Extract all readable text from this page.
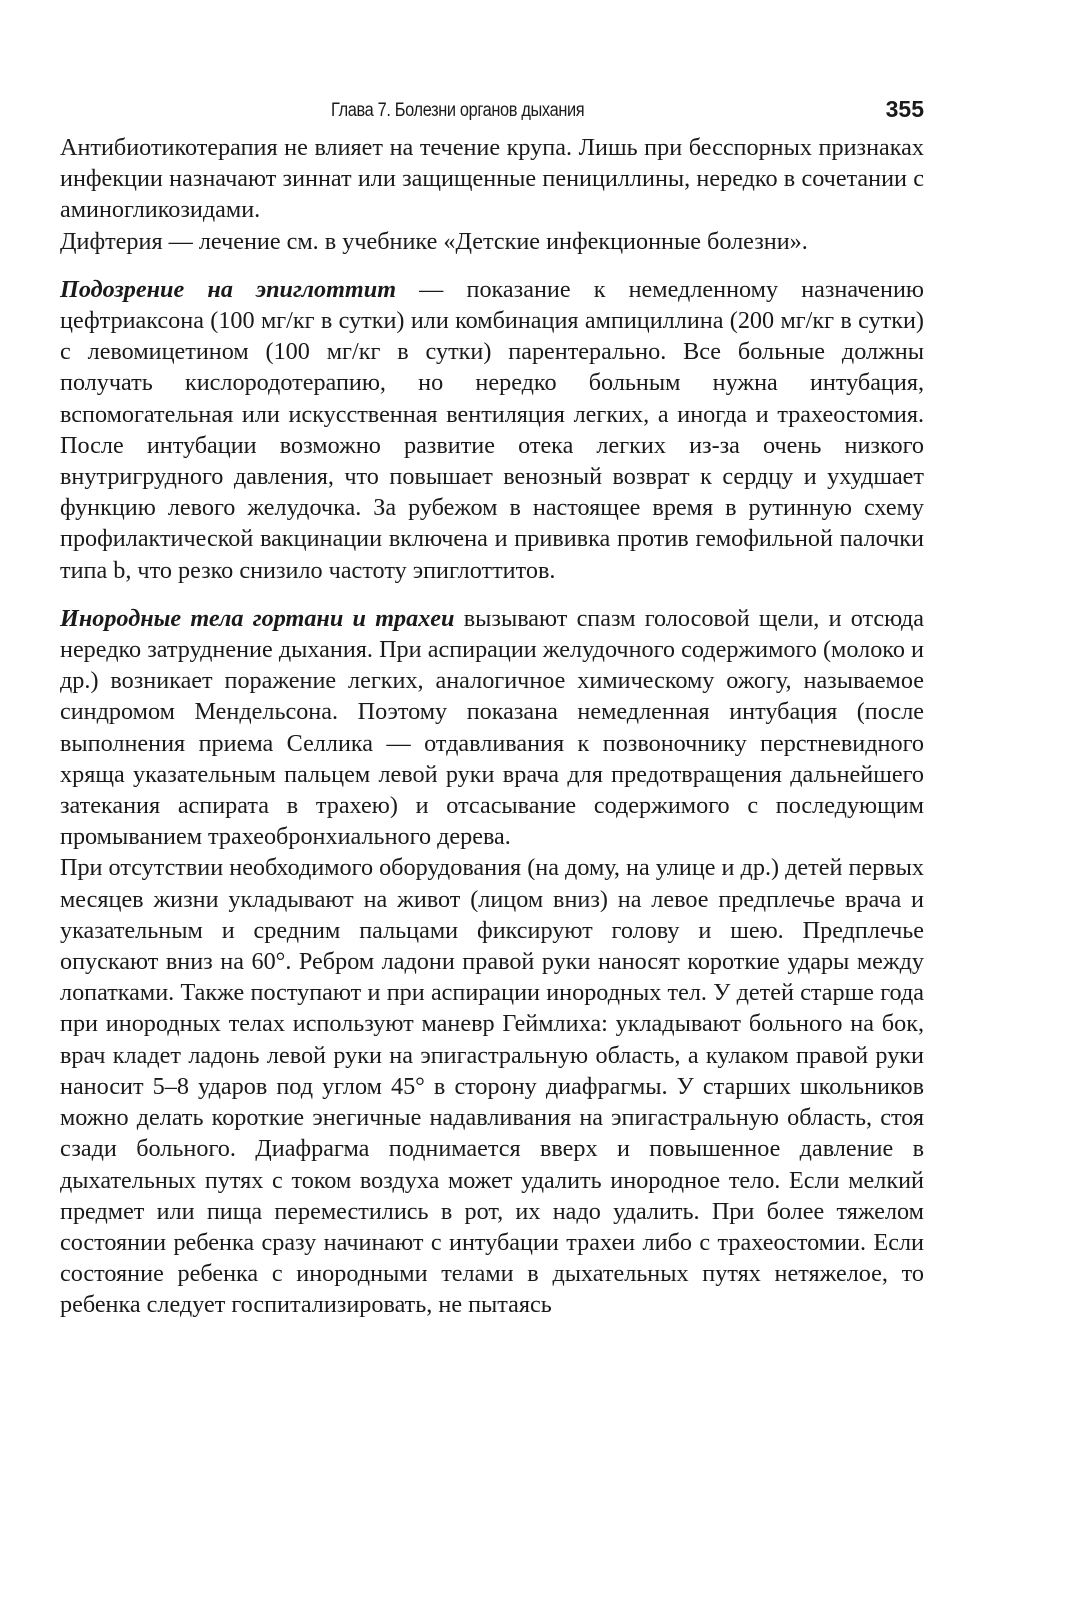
Глава 7. Болезни органов дыхания	355

Антибиотикотерапия не влияет на течение крупа. Лишь при бесспорных признаках инфекции назначают зиннат или защищенные пенициллины, нередко в сочетании с аминогликозидами.

Дифтерия — лечение см. в учебнике «Детские инфекционные болезни».

Подозрение на эпиглоттит — показание к немедленному назначению цефтриаксона (100 мг/кг в сутки) или комбинация ампициллина (200 мг/кг в сутки) с левомицетином (100 мг/кг в сутки) парентерально. Все больные должны получать кислородотерапию, но нередко больным нужна интубация, вспомогательная или искусственная вентиляция легких, а иногда и трахеостомия. После интубации возможно развитие отека легких из-за очень низкого внутригрудного давления, что повышает венозный возврат к сердцу и ухудшает функцию левого желудочка. За рубежом в настоящее время в рутинную схему профилактической вакцинации включена и прививка против гемофильной палочки типа b, что резко снизило частоту эпиглоттитов.

Инородные тела гортани и трахеи вызывают спазм голосовой щели, и отсюда нередко затруднение дыхания. При аспирации желудочного содержимого (молоко и др.) возникает поражение легких, аналогичное химическому ожогу, называемое синдромом Мендельсона. Поэтому показана немедленная интубация (после выполнения приема Селлика — отдавливания к позвоночнику перстневидного хряща указательным пальцем левой руки врача для предотвращения дальнейшего затекания аспирата в трахею) и отсасывание содержимого с последующим промыванием трахеобронхиального дерева.

При отсутствии необходимого оборудования (на дому, на улице и др.) детей первых месяцев жизни укладывают на живот (лицом вниз) на левое предплечье врача и указательным и средним пальцами фиксируют голову и шею. Предплечье опускают вниз на 60°. Ребром ладони правой руки наносят короткие удары между лопатками. Также поступают и при аспирации инородных тел. У детей старше года при инородных телах используют маневр Геймлиха: укладывают больного на бок, врач кладет ладонь левой руки на эпигастральную область, а кулаком правой руки наносит 5–8 ударов под углом 45° в сторону диафрагмы. У старших школьников можно делать короткие энегичные надавливания на эпигастральную область, стоя сзади больного. Диафрагма поднимается вверх и повышенное давление в дыхательных путях с током воздуха может удалить инородное тело. Если мелкий предмет или пища переместились в рот, их надо удалить. При более тяжелом состоянии ребенка сразу начинают с интубации трахеи либо с трахеостомии. Если состояние ребенка с инородными телами в дыхательных путях нетяжелое, то ребенка следует госпитализировать, не пытаясь
